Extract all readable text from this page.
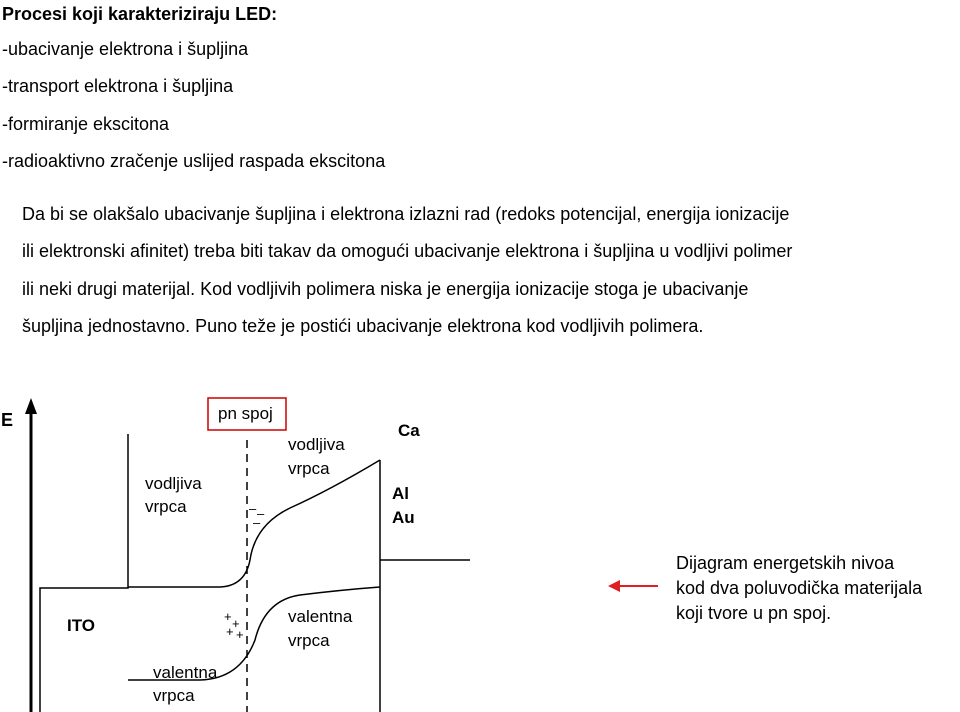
Procesi koji karakteriziraju LED:
-ubacivanje elektrona i šupljina
-transport elektrona i šupljina
-formiranje ekscitona
-radioaktivno zračenje uslijed raspada ekscitona
Da bi se olakšalo ubacivanje šupljina i elektrona izlazni rad (redoks potencijal, energija ionizacije
ili elektronski afinitet) treba biti takav da omogući ubacivanje elektrona i šupljina u vodljivi polimer
ili neki drugi materijal. Kod vodljivih polimera niska je energija ionizacije stoga je ubacivanje
šupljina jednostavno. Puno teže je postići ubacivanje elektrona kod vodljivih polimera.
E	pn spoj
vodljiva
vrpca
vodljiva
vrpca
valentna
vrpca
valentna
vrpca
ITO
Ca
Al
Au
– –
–
+ +
+ +
Dijagram energetskih nivoa
kod dva poluvodička materijala
koji tvore u pn spoj.
